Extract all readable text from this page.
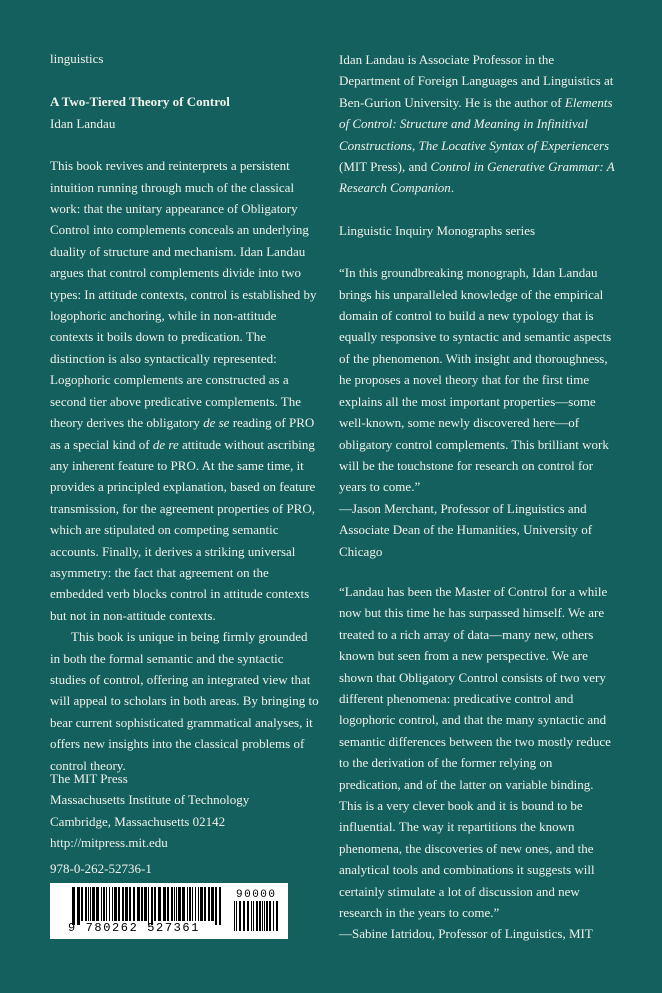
linguistics

A Two-Tiered Theory of Control

Idan Landau

This book revives and reinterprets a persistent intuition running through much of the classical work: that the unitary appearance of Obligatory Control into complements conceals an underlying duality of structure and mechanism. Idan Landau argues that control complements divide into two types: In attitude contexts, control is established by logophoric anchoring, while in non-attitude contexts it boils down to predication. The distinction is also syntactically represented: Logophoric complements are constructed as a second tier above predicative complements. The theory derives the obligatory de se reading of PRO as a special kind of de re attitude without ascribing any inherent feature to PRO. At the same time, it provides a principled explanation, based on feature transmission, for the agreement properties of PRO, which are stipulated on competing semantic accounts. Finally, it derives a striking universal asymmetry: the fact that agreement on the embedded verb blocks control in attitude contexts but not in non-attitude contexts.

This book is unique in being firmly grounded in both the formal semantic and the syntactic studies of control, offering an integrated view that will appeal to scholars in both areas. By bringing to bear current sophisticated grammatical analyses, it offers new insights into the classical problems of control theory.

The MIT Press
Massachusetts Institute of Technology
Cambridge, Massachusetts 02142
http://mitpress.mit.edu
978-0-262-52736-1
9 780262 527361
90000

Idan Landau is Associate Professor in the Department of Foreign Languages and Linguistics at Ben-Gurion University. He is the author of Elements of Control: Structure and Meaning in Infinitival Constructions, The Locative Syntax of Experiencers (MIT Press), and Control in Generative Grammar: A Research Companion.

Linguistic Inquiry Monographs series

“In this groundbreaking monograph, Idan Landau brings his unparalleled knowledge of the empirical domain of control to build a new typology that is equally responsive to syntactic and semantic aspects of the phenomenon. With insight and thoroughness, he proposes a novel theory that for the first time explains all the most important properties—some well-known, some newly discovered here—of obligatory control complements. This brilliant work will be the touchstone for research on control for years to come.”

—Jason Merchant, Professor of Linguistics and Associate Dean of the Humanities, University of Chicago

“Landau has been the Master of Control for a while now but this time he has surpassed himself. We are treated to a rich array of data—many new, others known but seen from a new perspective. We are shown that Obligatory Control consists of two very different phenomena: predicative control and logophoric control, and that the many syntactic and semantic differences between the two mostly reduce to the derivation of the former relying on predication, and of the latter on variable binding. This is a very clever book and it is bound to be influential. The way it repartitions the known phenomena, the discoveries of new ones, and the analytical tools and combinations it suggests will certainly stimulate a lot of discussion and new research in the years to come.”

—Sabine Iatridou, Professor of Linguistics, MIT
